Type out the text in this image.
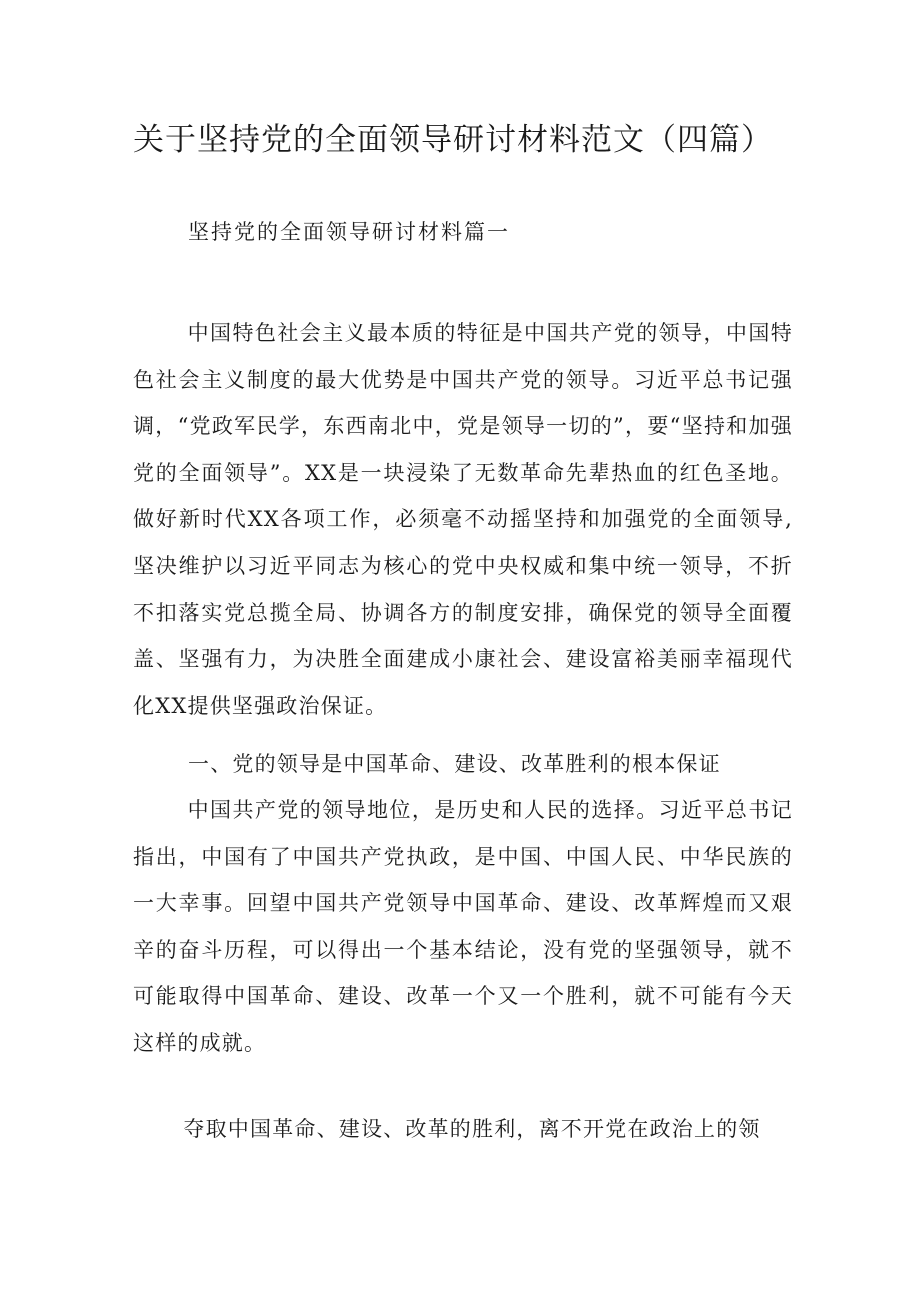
关于坚持党的全面领导研讨材料范文（四篇）
坚持党的全面领导研讨材料篇一

中国特色社会主义最本质的特征是中国共产党的领导，中国特色社会主义制度的最大优势是中国共产党的领导。习近平总书记强调，“党政军民学，东西南北中，党是领导一切的”，要“坚持和加强党的全面领导”。XX是一块浸染了无数革命先辈热血的红色圣地。做好新时代XX各项工作，必须毫不动摇坚持和加强党的全面领导,坚决维护以习近平同志为核心的党中央权威和集中统一领导，不折不扣落实党总揽全局、协调各方的制度安排，确保党的领导全面覆盖、坚强有力，为决胜全面建成小康社会、建设富裕美丽幸福现代化XX提供坚强政治保证。

一、党的领导是中国革命、建设、改革胜利的根本保证

中国共产党的领导地位，是历史和人民的选择。习近平总书记指出，中国有了中国共产党执政，是中国、中国人民、中华民族的一大幸事。回望中国共产党领导中国革命、建设、改革辉煌而又艰辛的奋斗历程，可以得出一个基本结论，没有党的坚强领导，就不可能取得中国革命、建设、改革一个又一个胜利，就不可能有今天这样的成就。

夺取中国革命、建设、改革的胜利，离不开党在政治上的领
